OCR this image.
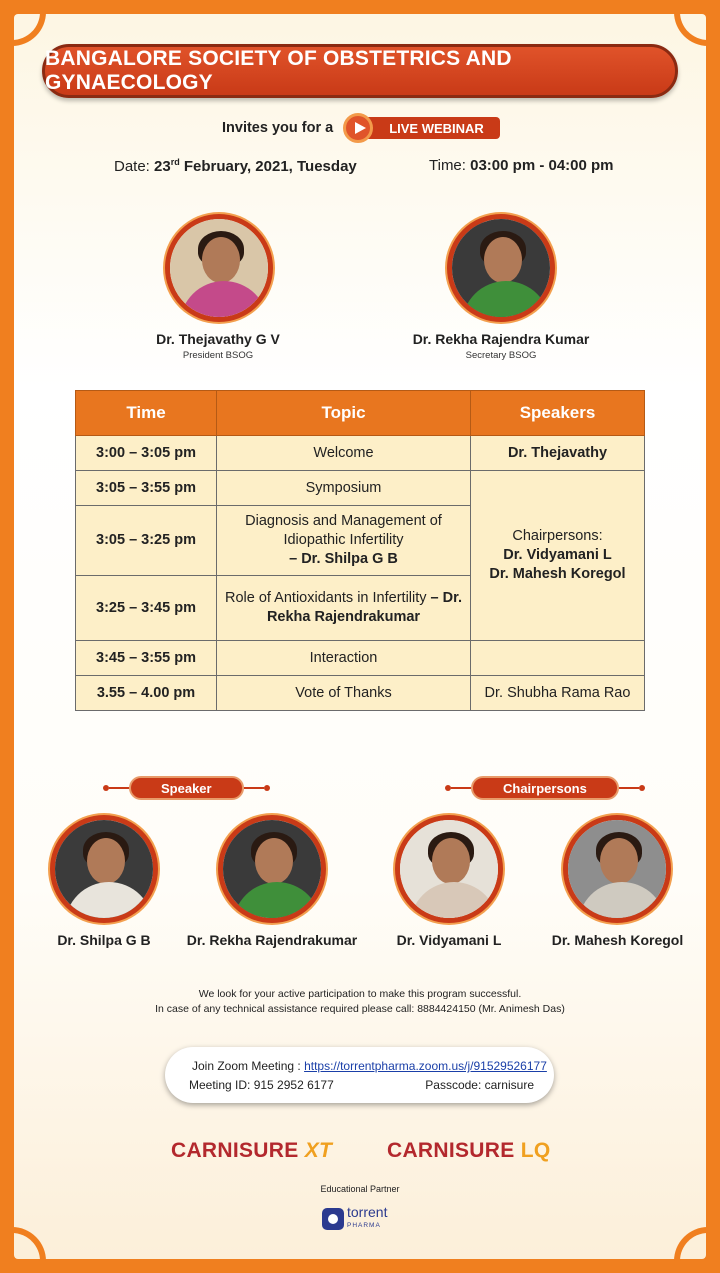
BANGALORE SOCIETY OF OBSTETRICS AND GYNAECOLOGY
Invites you for a	LIVE WEBINAR
Date: 23rd February, 2021, Tuesday	Time: 03:00 pm - 04:00 pm
Dr. Thejavathy G V
President BSOG
Dr. Rekha Rajendra Kumar
Secretary BSOG
Time	Topic	Speakers
3:00 – 3:05 pm	Welcome	Dr. Thejavathy
3:05 – 3:55 pm	Symposium	Chairpersons:
Dr. Vidyamani L
Dr. Mahesh Koregol

3:05 – 3:25 pm	Diagnosis and Management of Idiopathic Infertility
– Dr. Shilpa G B	
3:25 – 3:45 pm	Role of Antioxidants in Infertility – Dr. Rekha Rajendrakumar	
3:45 – 3:55 pm	Interaction	
3.55 – 4.00 pm	Vote of Thanks	Dr. Shubha Rama Rao
Speaker	Chairpersons
Dr. Shilpa G B	Dr. Rekha Rajendrakumar	Dr. Vidyamani L	Dr. Mahesh Koregol
We look for your active participation to make this program successful.
In case of any technical assistance required please call: 8884424150 (Mr. Animesh Das)
Join Zoom Meeting : https://torrentpharma.zoom.us/j/91529526177
Meeting ID: 915 2952 6177	Passcode: carnisure
CARNISURE XT	CARNISURE LQ
Educational Partner
torrent
PHARMA
